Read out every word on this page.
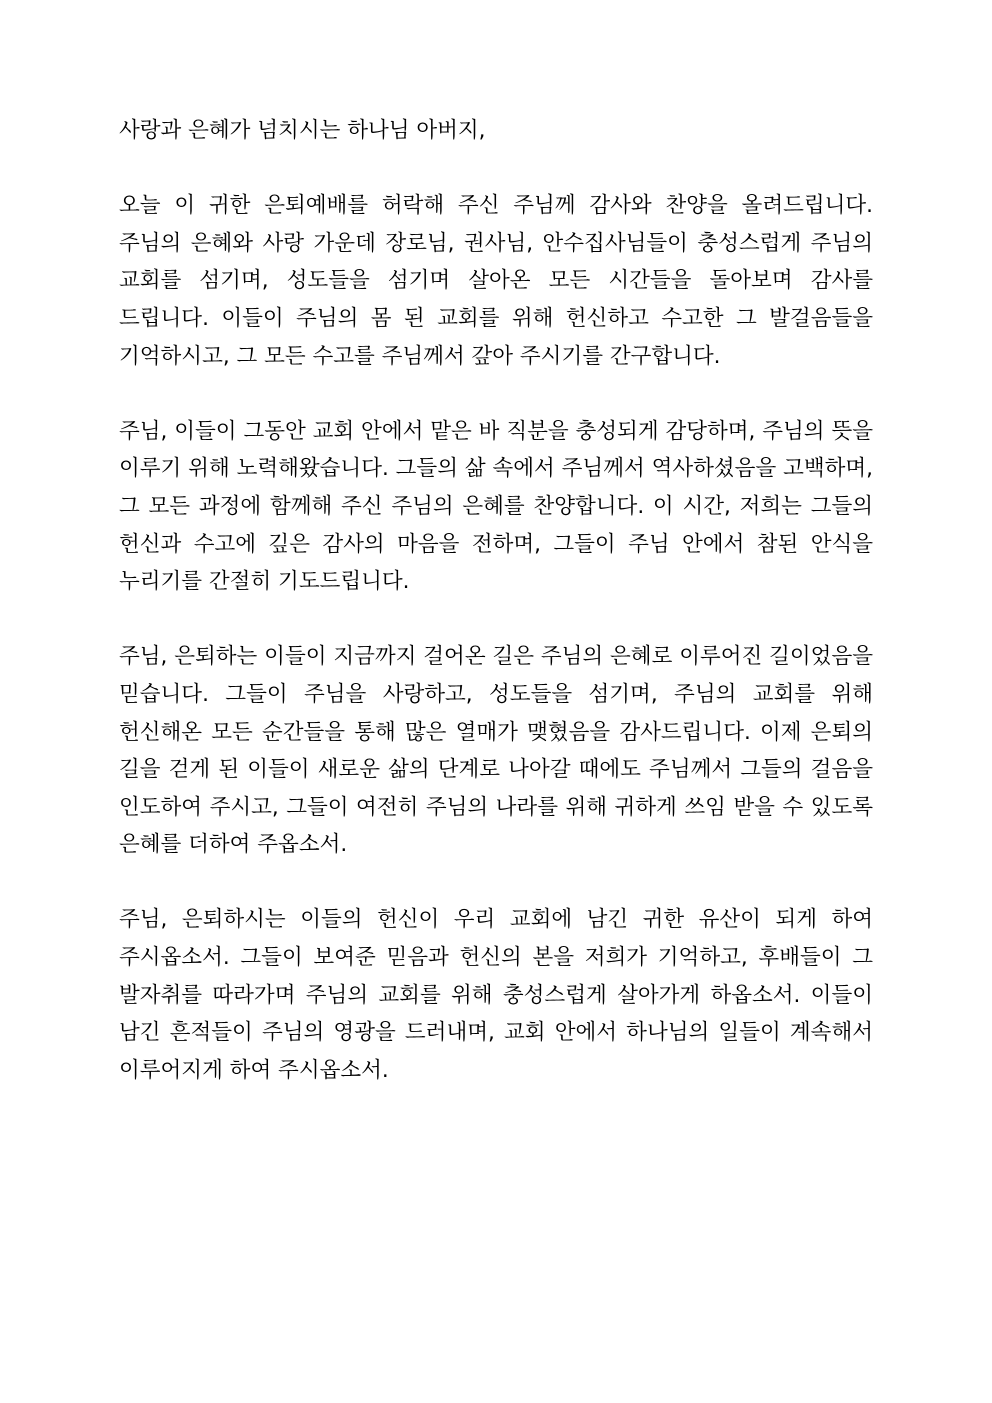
사랑과 은혜가 넘치시는 하나님 아버지,

오늘 이 귀한 은퇴예배를 허락해 주신 주님께 감사와 찬양을 올려드립니다. 주님의 은혜와 사랑 가운데 장로님, 권사님, 안수집사님들이 충성스럽게 주님의 교회를 섬기며, 성도들을 섬기며 살아온 모든 시간들을 돌아보며 감사를 드립니다. 이들이 주님의 몸 된 교회를 위해 헌신하고 수고한 그 발걸음들을 기억하시고, 그 모든 수고를 주님께서 갚아 주시기를 간구합니다.

주님, 이들이 그동안 교회 안에서 맡은 바 직분을 충성되게 감당하며, 주님의 뜻을 이루기 위해 노력해왔습니다. 그들의 삶 속에서 주님께서 역사하셨음을 고백하며, 그 모든 과정에 함께해 주신 주님의 은혜를 찬양합니다. 이 시간, 저희는 그들의 헌신과 수고에 깊은 감사의 마음을 전하며, 그들이 주님 안에서 참된 안식을 누리기를 간절히 기도드립니다.

주님, 은퇴하는 이들이 지금까지 걸어온 길은 주님의 은혜로 이루어진 길이었음을 믿습니다. 그들이 주님을 사랑하고, 성도들을 섬기며, 주님의 교회를 위해 헌신해온 모든 순간들을 통해 많은 열매가 맺혔음을 감사드립니다. 이제 은퇴의 길을 걷게 된 이들이 새로운 삶의 단계로 나아갈 때에도 주님께서 그들의 걸음을 인도하여 주시고, 그들이 여전히 주님의 나라를 위해 귀하게 쓰임 받을 수 있도록 은혜를 더하여 주옵소서.

주님, 은퇴하시는 이들의 헌신이 우리 교회에 남긴 귀한 유산이 되게 하여 주시옵소서. 그들이 보여준 믿음과 헌신의 본을 저희가 기억하고, 후배들이 그 발자취를 따라가며 주님의 교회를 위해 충성스럽게 살아가게 하옵소서. 이들이 남긴 흔적들이 주님의 영광을 드러내며, 교회 안에서 하나님의 일들이 계속해서 이루어지게 하여 주시옵소서.
